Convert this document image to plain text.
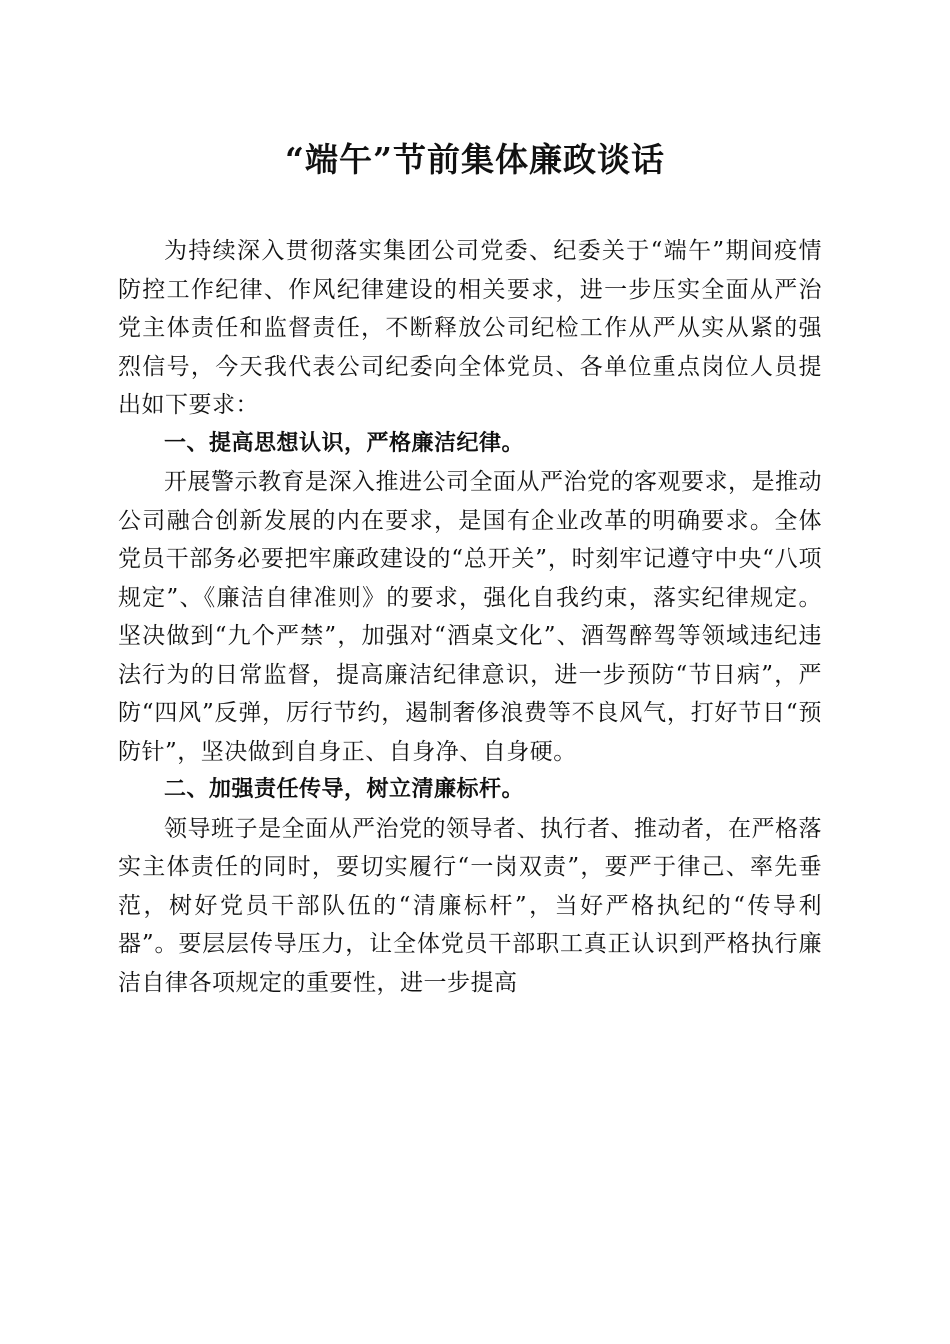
“端午”节前集体廉政谈话

为持续深入贯彻落实集团公司党委、纪委关于“端午”期间疫情防控工作纪律、作风纪律建设的相关要求，进一步压实全面从严治党主体责任和监督责任，不断释放公司纪检工作从严从实从紧的强烈信号，今天我代表公司纪委向全体党员、各单位重点岗位人员提出如下要求：

一、提高思想认识，严格廉洁纪律。

开展警示教育是深入推进公司全面从严治党的客观要求，是推动公司融合创新发展的内在要求，是国有企业改革的明确要求。全体党员干部务必要把牢廉政建设的“总开关”，时刻牢记遵守中央“八项规定”、《廉洁自律准则》的要求，强化自我约束，落实纪律规定。坚决做到“九个严禁”，加强对“酒桌文化”、酒驾醉驾等领域违纪违法行为的日常监督，提高廉洁纪律意识，进一步预防“节日病”，严防“四风”反弹，厉行节约，遏制奢侈浪费等不良风气，打好节日“预防针”，坚决做到自身正、自身净、自身硬。

二、加强责任传导，树立清廉标杆。

领导班子是全面从严治党的领导者、执行者、推动者，在严格落实主体责任的同时，要切实履行“一岗双责”，要严于律己、率先垂范，树好党员干部队伍的“清廉标杆”，当好严格执纪的“传导利器”。要层层传导压力，让全体党员干部职工真正认识到严格执行廉洁自律各项规定的重要性，进一步提高
